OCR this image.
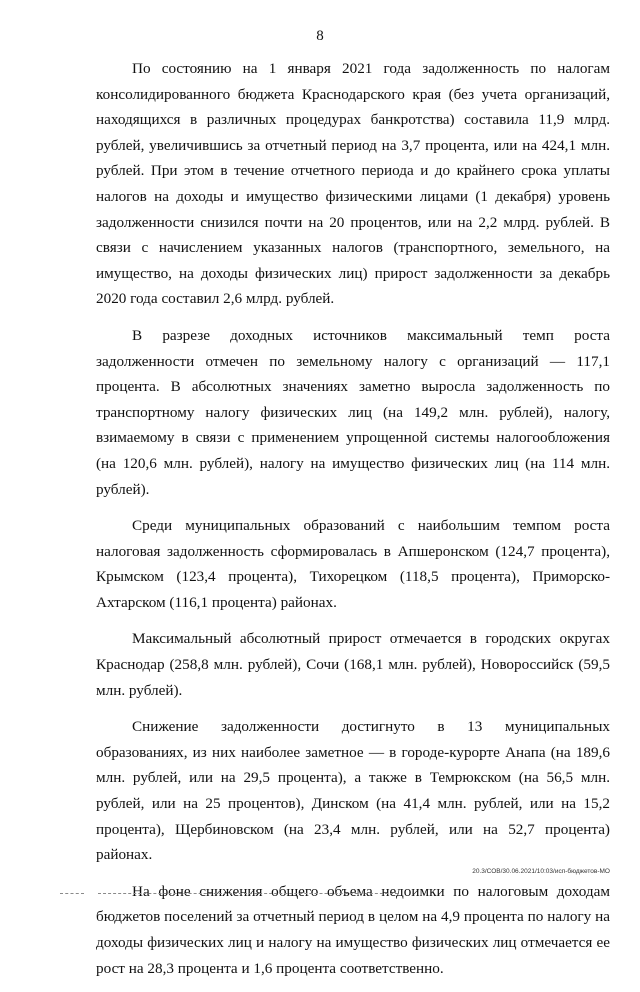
8

По состоянию на 1 января 2021 года задолженность по налогам консолидированного бюджета Краснодарского края (без учета организаций, находящихся в различных процедурах банкротства) составила 11,9 млрд. рублей, увеличившись за отчетный период на 3,7 процента, или на 424,1 млн. рублей. При этом в течение отчетного периода и до крайнего срока уплаты налогов на доходы и имущество физическими лицами (1 декабря) уровень задолженности снизился почти на 20 процентов, или на 2,2 млрд. рублей. В связи с начислением указанных налогов (транспортного, земельного, на имущество, на доходы физических лиц) прирост задолженности за декабрь 2020 года составил 2,6 млрд. рублей.

В разрезе доходных источников максимальный темп роста задолженности отмечен по земельному налогу с организаций — 117,1 процента. В абсолютных значениях заметно выросла задолженность по транспортному налогу физических лиц (на 149,2 млн. рублей), налогу, взимаемому в связи с применением упрощенной системы налогообложения (на 120,6 млн. рублей), налогу на имущество физических лиц (на 114 млн. рублей).

Среди муниципальных образований с наибольшим темпом роста налоговая задолженность сформировалась в Апшеронском (124,7 процента), Крымском (123,4 процента), Тихорецком (118,5 процента), Приморско-Ахтарском (116,1 процента) районах.

Максимальный абсолютный прирост отмечается в городских округах Краснодар (258,8 млн. рублей), Сочи (168,1 млн. рублей), Новороссийск (59,5 млн. рублей).

Снижение задолженности достигнуто в 13 муниципальных образованиях, из них наиболее заметное — в городе-курорте Анапа (на 189,6 млн. рублей, или на 29,5 процента), а также в Темрюкском (на 56,5 млн. рублей, или на 25 процентов), Динском (на 41,4 млн. рублей, или на 15,2 процента), Щербиновском (на 23,4 млн. рублей, или на 52,7 процента) районах.

На фоне снижения общего объема недоимки по налоговым доходам бюджетов поселений за отчетный период в целом на 4,9 процента по налогу на доходы физических лиц и налогу на имущество физических лиц отмечается ее рост на 28,3 процента и 1,6 процента соответственно.

20.3/СОВ/30.06.2021/10:03/исп-бюджетов-МО
